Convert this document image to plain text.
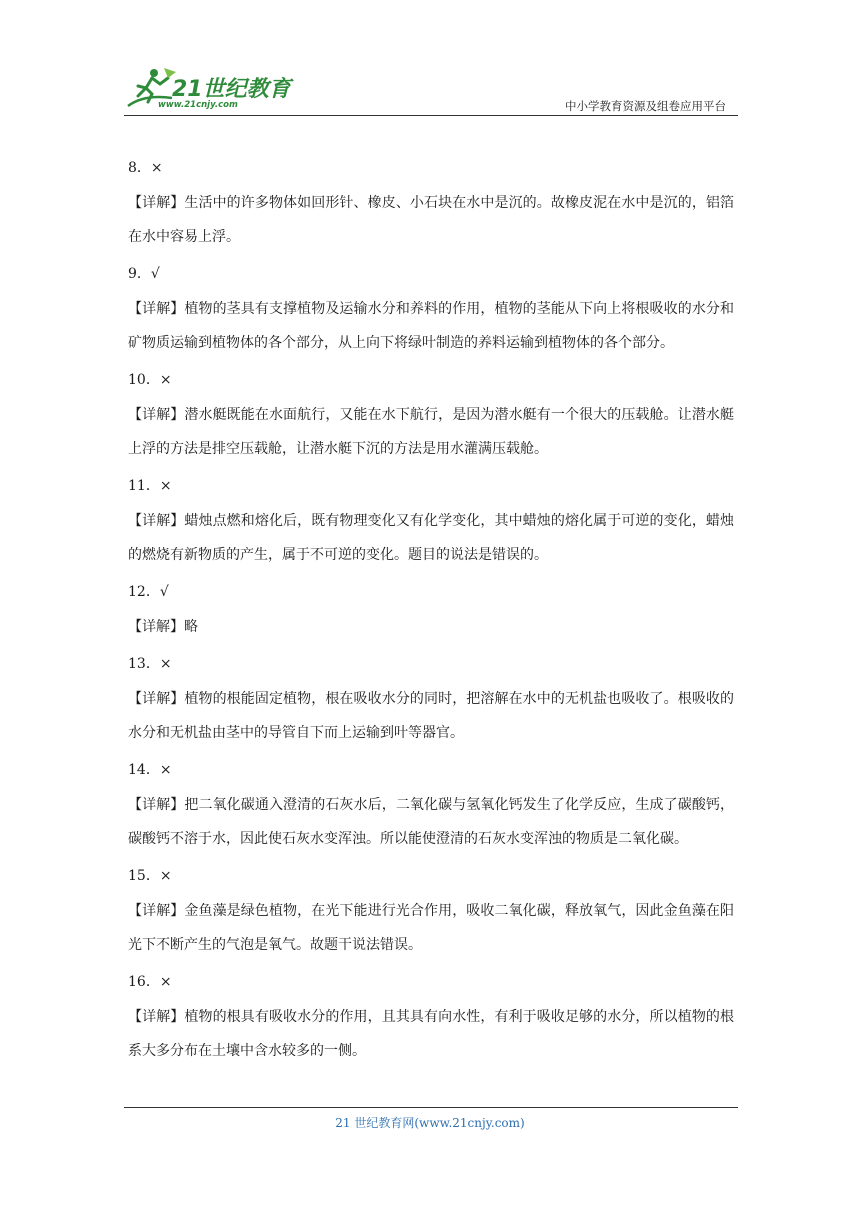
21世纪教育
www.21cnjy.com	中小学教育资源及组卷应用平台
8．×
【详解】生活中的许多物体如回形针、橡皮、小石块在水中是沉的。故橡皮泥在水中是沉的，铝箔在水中容易上浮。
9．√
【详解】植物的茎具有支撑植物及运输水分和养料的作用，植物的茎能从下向上将根吸收的水分和矿物质运输到植物体的各个部分，从上向下将绿叶制造的养料运输到植物体的各个部分。
10．×
【详解】潜水艇既能在水面航行，又能在水下航行，是因为潜水艇有一个很大的压载舱。让潜水艇上浮的方法是排空压载舱，让潜水艇下沉的方法是用水灌满压载舱。
11．×
【详解】蜡烛点燃和熔化后，既有物理变化又有化学变化，其中蜡烛的熔化属于可逆的变化，蜡烛的燃烧有新物质的产生，属于不可逆的变化。题目的说法是错误的。
12．√
【详解】略
13．×
【详解】植物的根能固定植物，根在吸收水分的同时，把溶解在水中的无机盐也吸收了。根吸收的水分和无机盐由茎中的导管自下而上运输到叶等器官。
14．×
【详解】把二氧化碳通入澄清的石灰水后，二氧化碳与氢氧化钙发生了化学反应，生成了碳酸钙，碳酸钙不溶于水，因此使石灰水变浑浊。所以能使澄清的石灰水变浑浊的物质是二氧化碳。
15．×
【详解】金鱼藻是绿色植物，在光下能进行光合作用，吸收二氧化碳，释放氧气，因此金鱼藻在阳光下不断产生的气泡是氧气。故题干说法错误。
16．×
【详解】植物的根具有吸收水分的作用，且其具有向水性，有利于吸收足够的水分，所以植物的根系大多分布在土壤中含水较多的一侧。
21 世纪教育网(www.21cnjy.com)
